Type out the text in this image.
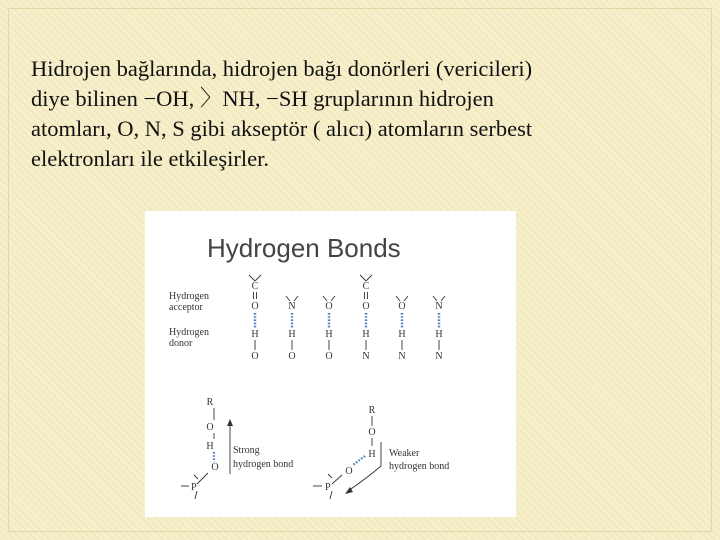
Hidrojen bağlarında, hidrojen bağı donörleri (vericileri)
diye bilinen −OH, 〉NH, −SH gruplarının hidrojen
atomları, O, N, S gibi akseptör ( alıcı) atomların serbest
elektronları ile etkileşirler.
Hydrogen Bonds
Hydrogen
acceptor
Hydrogen
donor
C
O
H
O
N
H
O
O
H
O
C
O
H
N
O
H
N
N
H
N
R
O
H
O
P
Strong
hydrogen bond
R
O
H
O
P
Weaker
hydrogen bond
